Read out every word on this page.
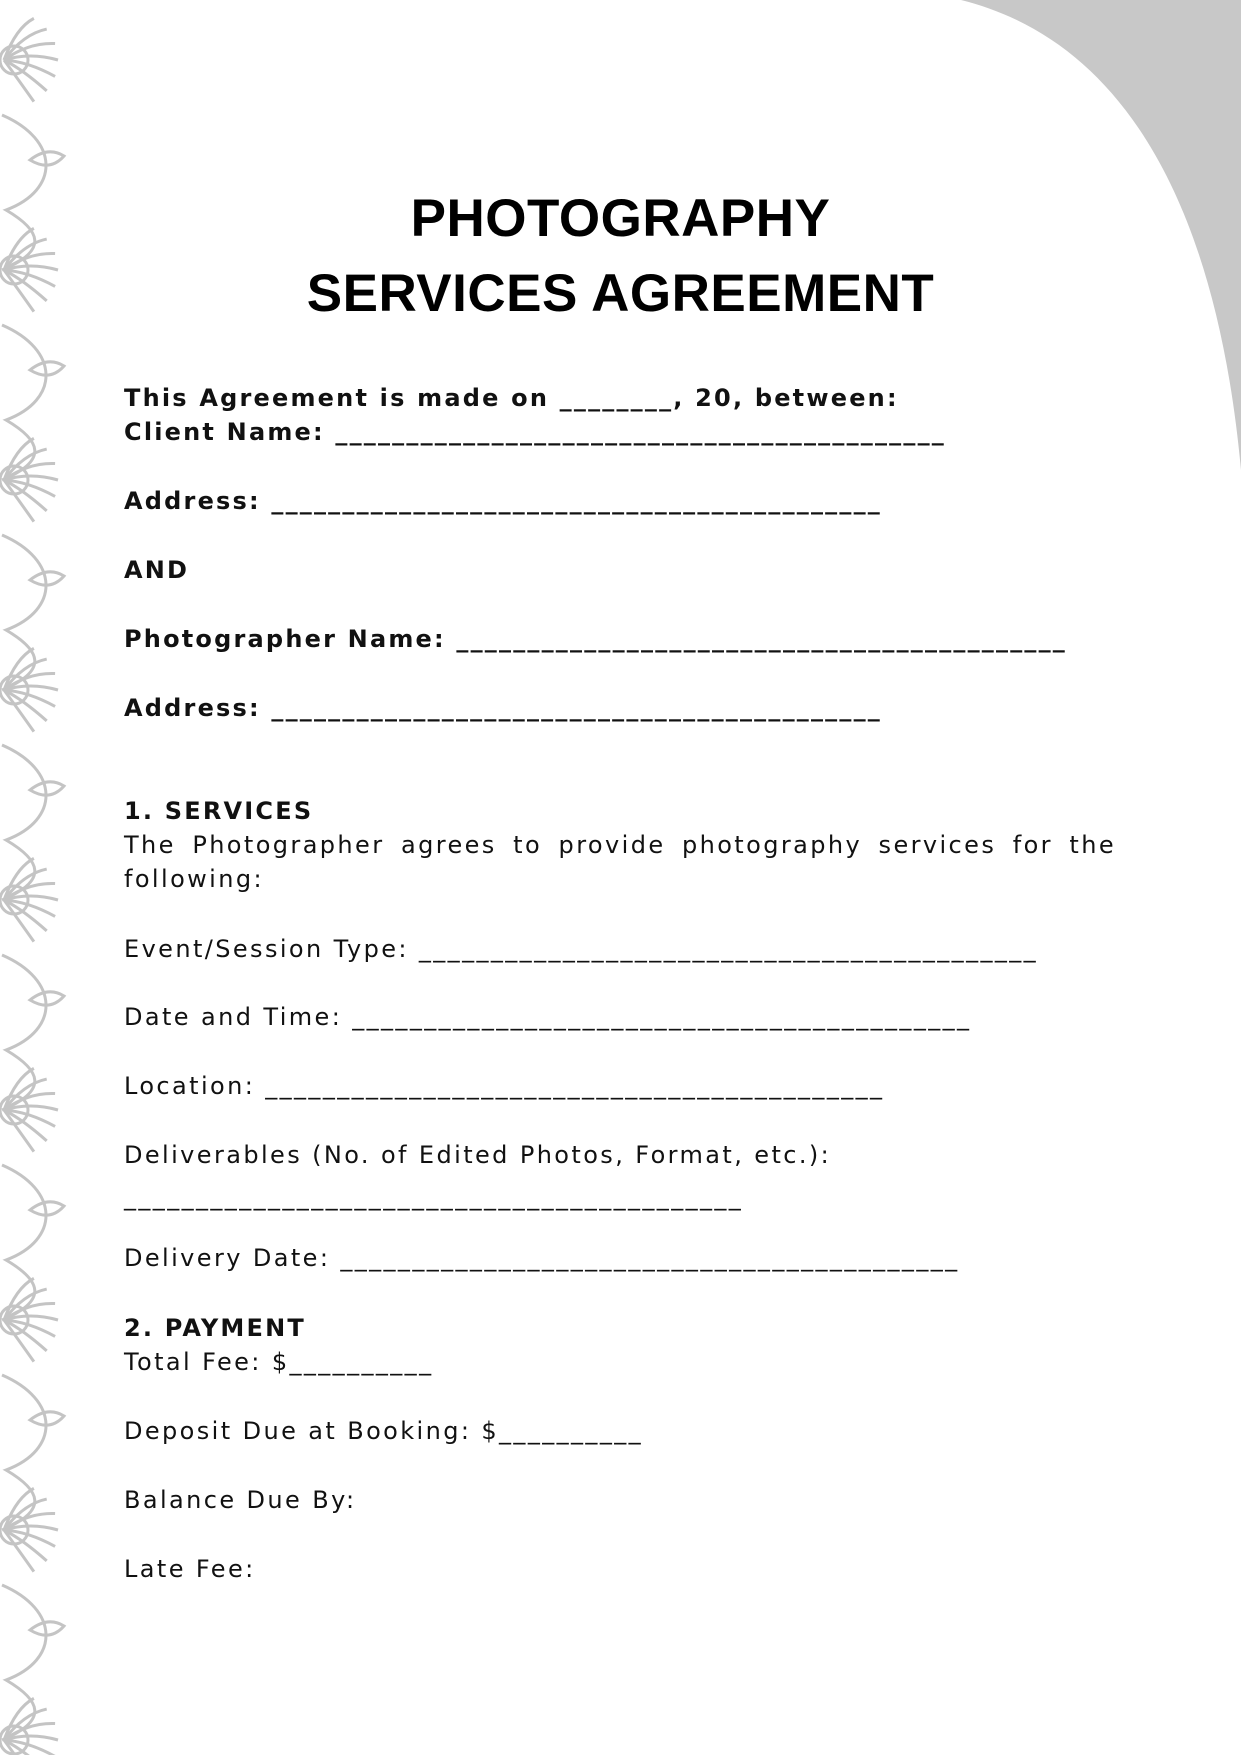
PHOTOGRAPHY
SERVICES AGREEMENT

This Agreement is made on ________, 20, between:

Client Name: ___________________________________________

Address: ___________________________________________

AND

Photographer Name: ___________________________________________

Address: ___________________________________________

1. SERVICES

The Photographer agrees to provide photography services for the following:

Event/Session Type: ___________________________________________

Date and Time: ___________________________________________

Location: ___________________________________________

Deliverables (No. of Edited Photos, Format, etc.):

___________________________________________

Delivery Date: ___________________________________________

2. PAYMENT

Total Fee: $__________

Deposit Due at Booking: $__________

Balance Due By:

Late Fee:
